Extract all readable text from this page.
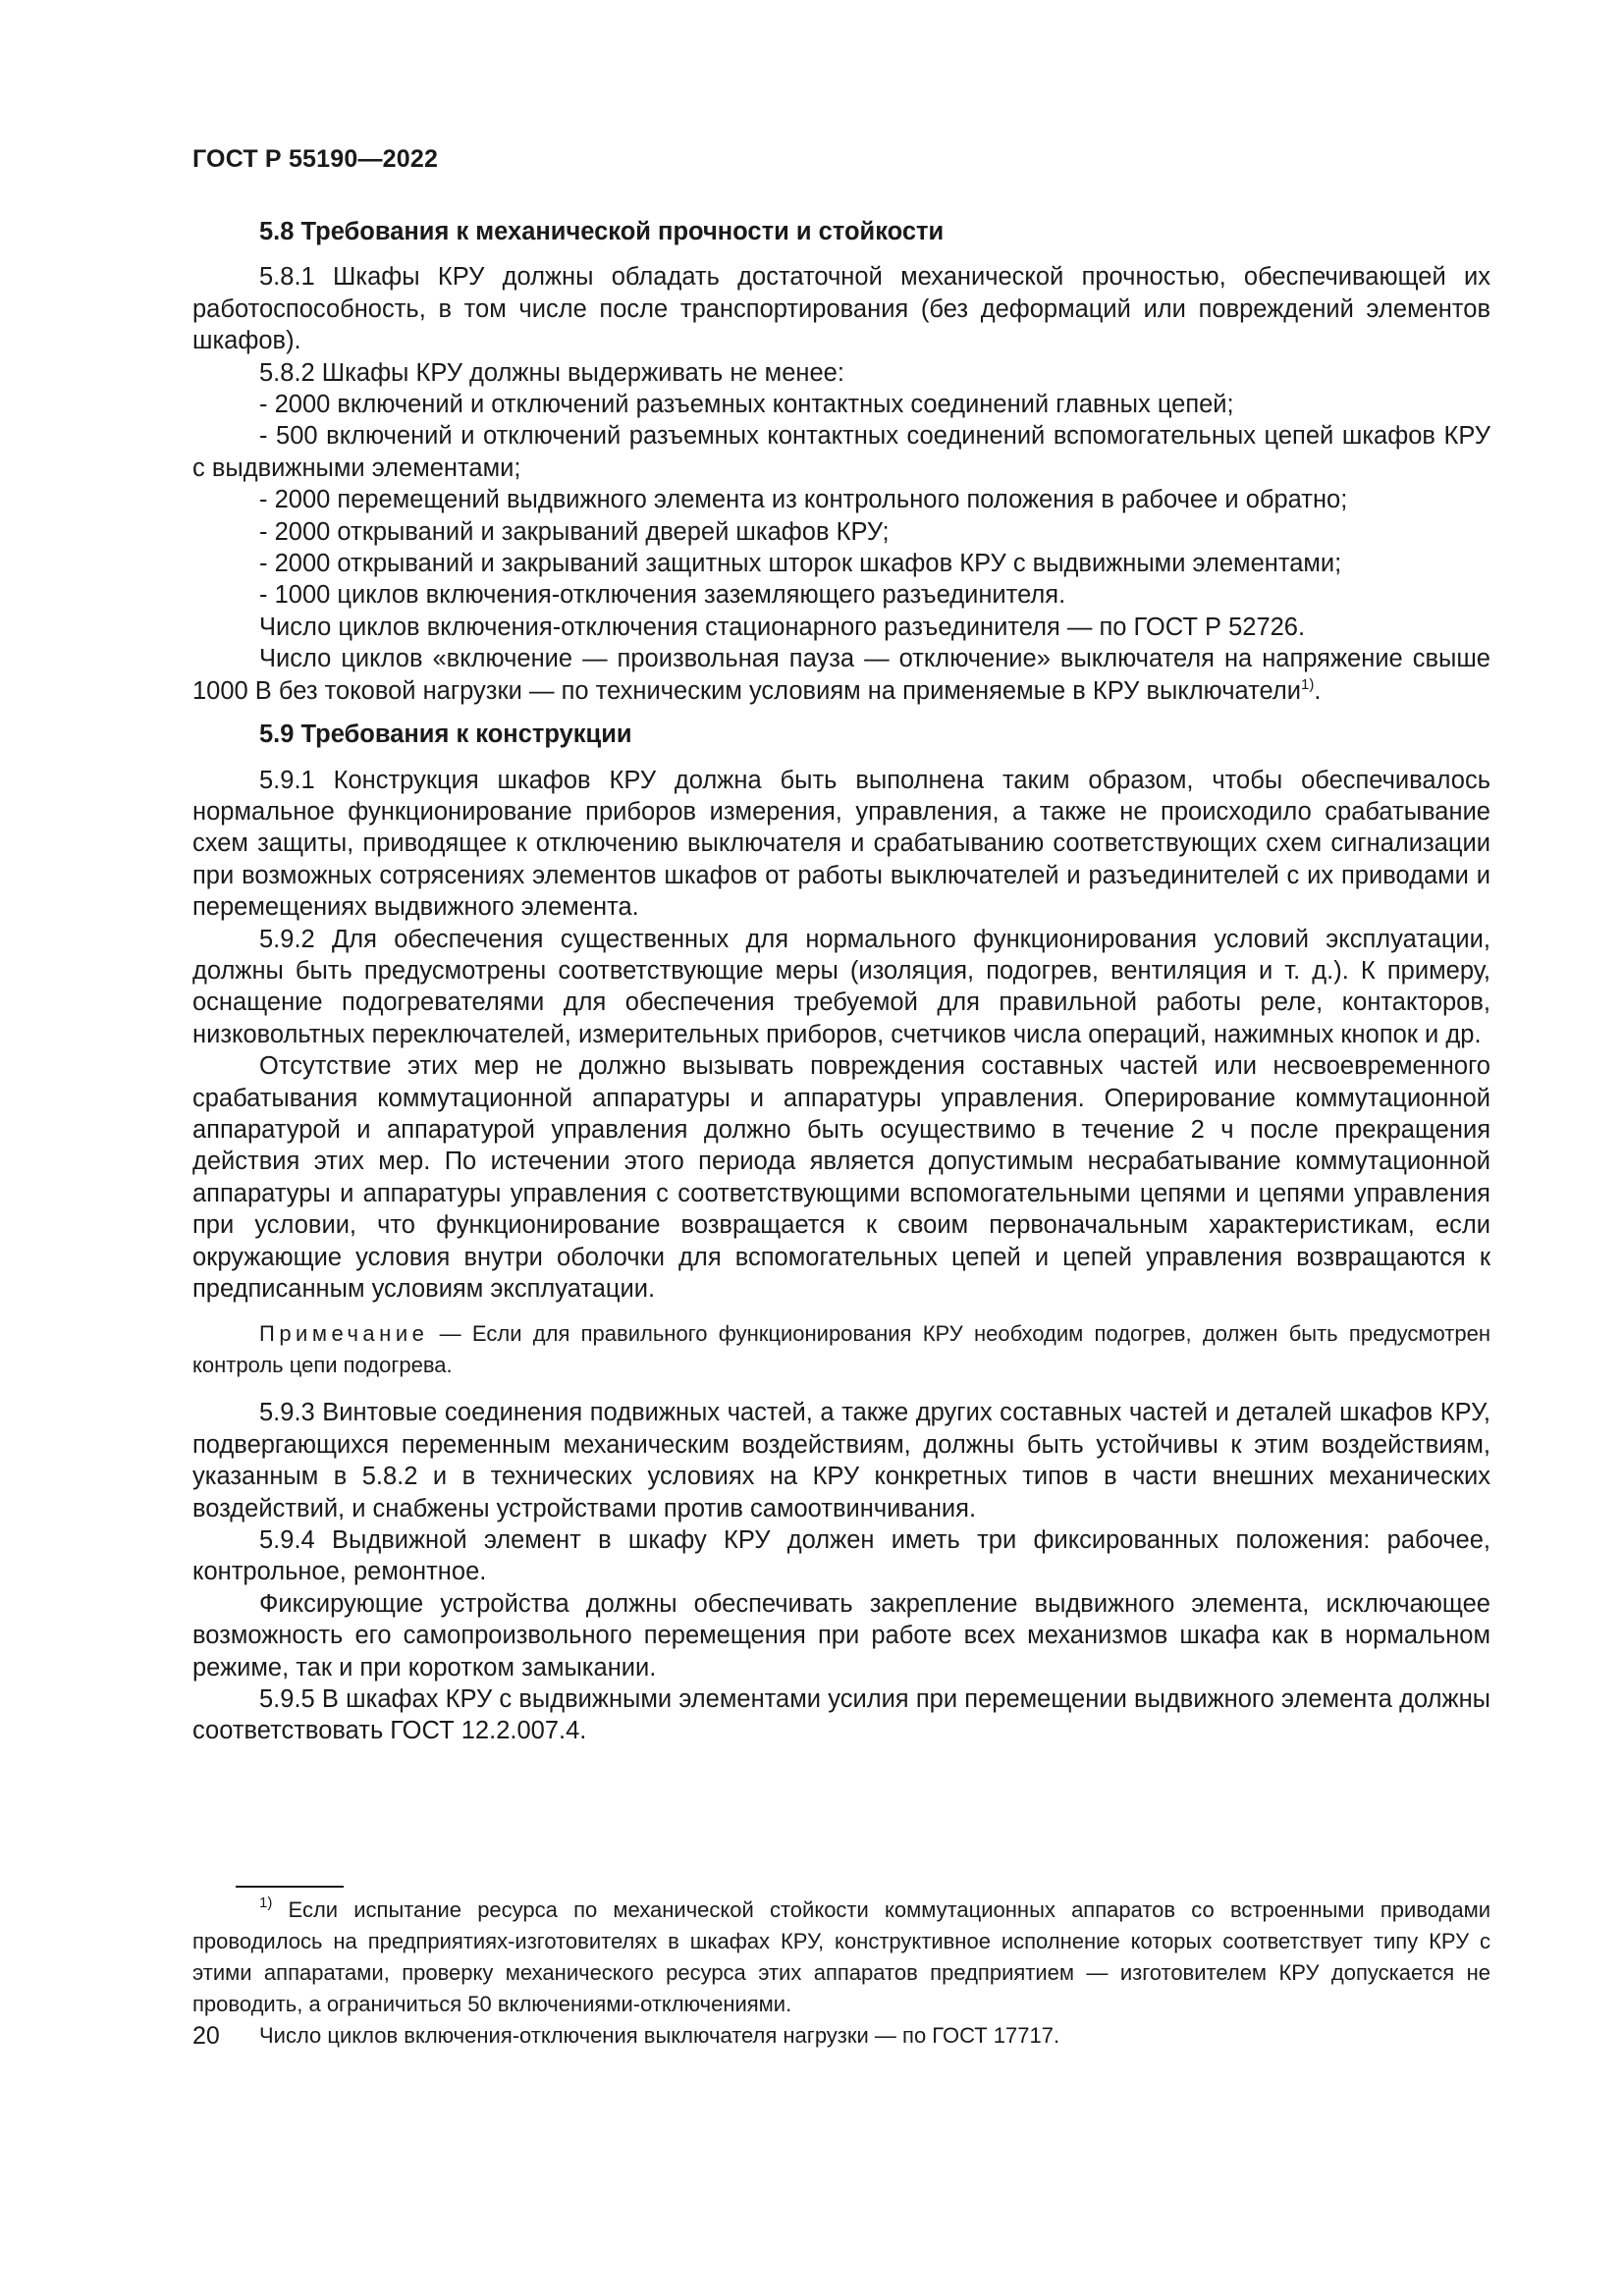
ГОСТ Р 55190—2022

5.8 Требования к механической прочности и стойкости

5.8.1 Шкафы КРУ должны обладать достаточной механической прочностью, обеспечивающей их работоспособность, в том числе после транспортирования (без деформаций или повреждений элементов шкафов).

5.8.2 Шкафы КРУ должны выдерживать не менее:

- 2000 включений и отключений разъемных контактных соединений главных цепей;

- 500 включений и отключений разъемных контактных соединений вспомогательных цепей шкафов КРУ с выдвижными элементами;

- 2000 перемещений выдвижного элемента из контрольного положения в рабочее и обратно;

- 2000 открываний и закрываний дверей шкафов КРУ;

- 2000 открываний и закрываний защитных шторок шкафов КРУ с выдвижными элементами;

- 1000 циклов включения-отключения заземляющего разъединителя.

Число циклов включения-отключения стационарного разъединителя — по ГОСТ Р 52726.

Число циклов «включение — произвольная пауза — отключение» выключателя на напряжение свыше 1000 В без токовой нагрузки — по техническим условиям на применяемые в КРУ выключатели$^{1)}$.

5.9 Требования к конструкции

5.9.1 Конструкция шкафов КРУ должна быть выполнена таким образом, чтобы обеспечивалось нормальное функционирование приборов измерения, управления, а также не происходило срабатывание схем защиты, приводящее к отключению выключателя и срабатыванию соответствующих схем сигнализации при возможных сотрясениях элементов шкафов от работы выключателей и разъединителей с их приводами и перемещениях выдвижного элемента.

5.9.2 Для обеспечения существенных для нормального функционирования условий эксплуатации, должны быть предусмотрены соответствующие меры (изоляция, подогрев, вентиляция и т. д.). К примеру, оснащение подогревателями для обеспечения требуемой для правильной работы реле, контакторов, низковольтных переключателей, измерительных приборов, счетчиков числа операций, нажимных кнопок и др.

Отсутствие этих мер не должно вызывать повреждения составных частей или несвоевременного срабатывания коммутационной аппаратуры и аппаратуры управления. Оперирование коммутационной аппаратурой и аппаратурой управления должно быть осуществимо в течение 2 ч после прекращения действия этих мер. По истечении этого периода является допустимым несрабатывание коммутационной аппаратуры и аппаратуры управления с соответствующими вспомогательными цепями и цепями управления при условии, что функционирование возвращается к своим первоначальным характеристикам, если окружающие условия внутри оболочки для вспомогательных цепей и цепей управления возвращаются к предписанным условиям эксплуатации.

Примечание — Если для правильного функционирования КРУ необходим подогрев, должен быть предусмотрен контроль цепи подогрева.

5.9.3 Винтовые соединения подвижных частей, а также других составных частей и деталей шкафов КРУ, подвергающихся переменным механическим воздействиям, должны быть устойчивы к этим воздействиям, указанным в 5.8.2 и в технических условиях на КРУ конкретных типов в части внешних механических воздействий, и снабжены устройствами против самоотвинчивания.

5.9.4 Выдвижной элемент в шкафу КРУ должен иметь три фиксированных положения: рабочее, контрольное, ремонтное.

Фиксирующие устройства должны обеспечивать закрепление выдвижного элемента, исключающее возможность его самопроизвольного перемещения при работе всех механизмов шкафа как в нормальном режиме, так и при коротком замыкании.

5.9.5 В шкафах КРУ с выдвижными элементами усилия при перемещении выдвижного элемента должны соответствовать ГОСТ 12.2.007.4.

$^{1)}$ Если испытание ресурса по механической стойкости коммутационных аппаратов со встроенными приводами проводилось на предприятиях-изготовителях в шкафах КРУ, конструктивное исполнение которых соответствует типу КРУ с этими аппаратами, проверку механического ресурса этих аппаратов предприятием — изготовителем КРУ допускается не проводить, а ограничиться 50 включениями-отключениями.

Число циклов включения-отключения выключателя нагрузки — по ГОСТ 17717.

20
